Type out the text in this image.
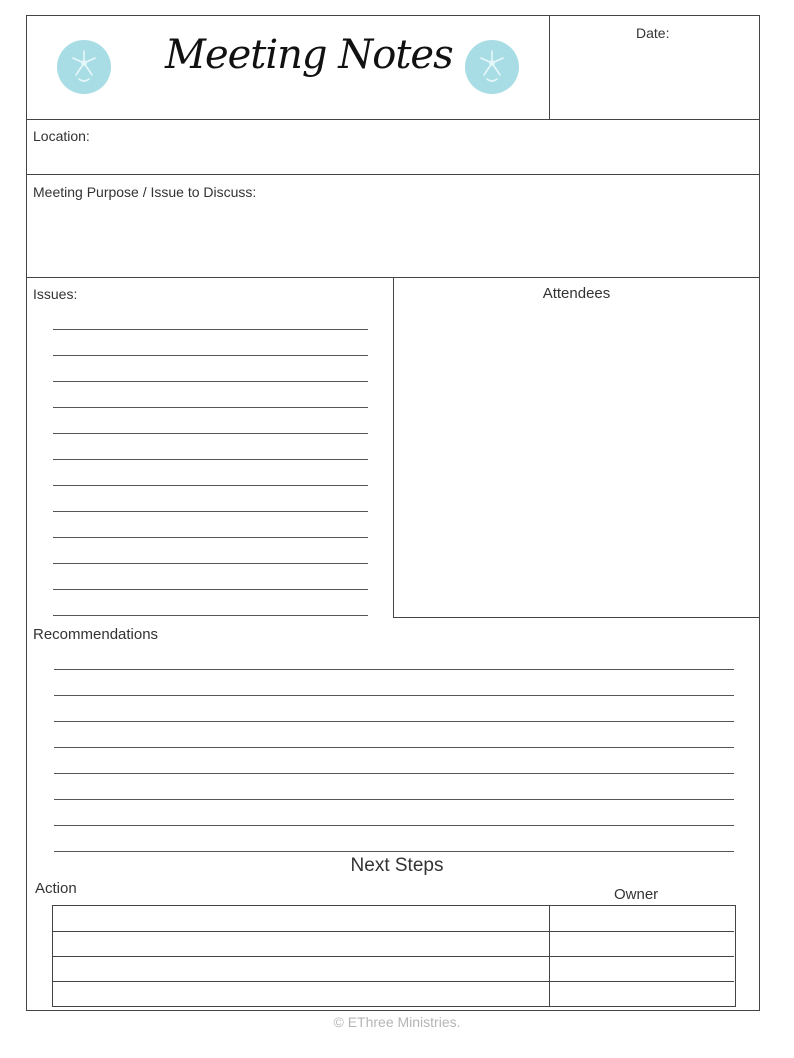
Meeting Notes	Date:
Location:
Meeting Purpose / Issue to Discuss:
Issues:	Attendees
Recommendations
Next Steps
Action	Owner
© EThree Ministries.
